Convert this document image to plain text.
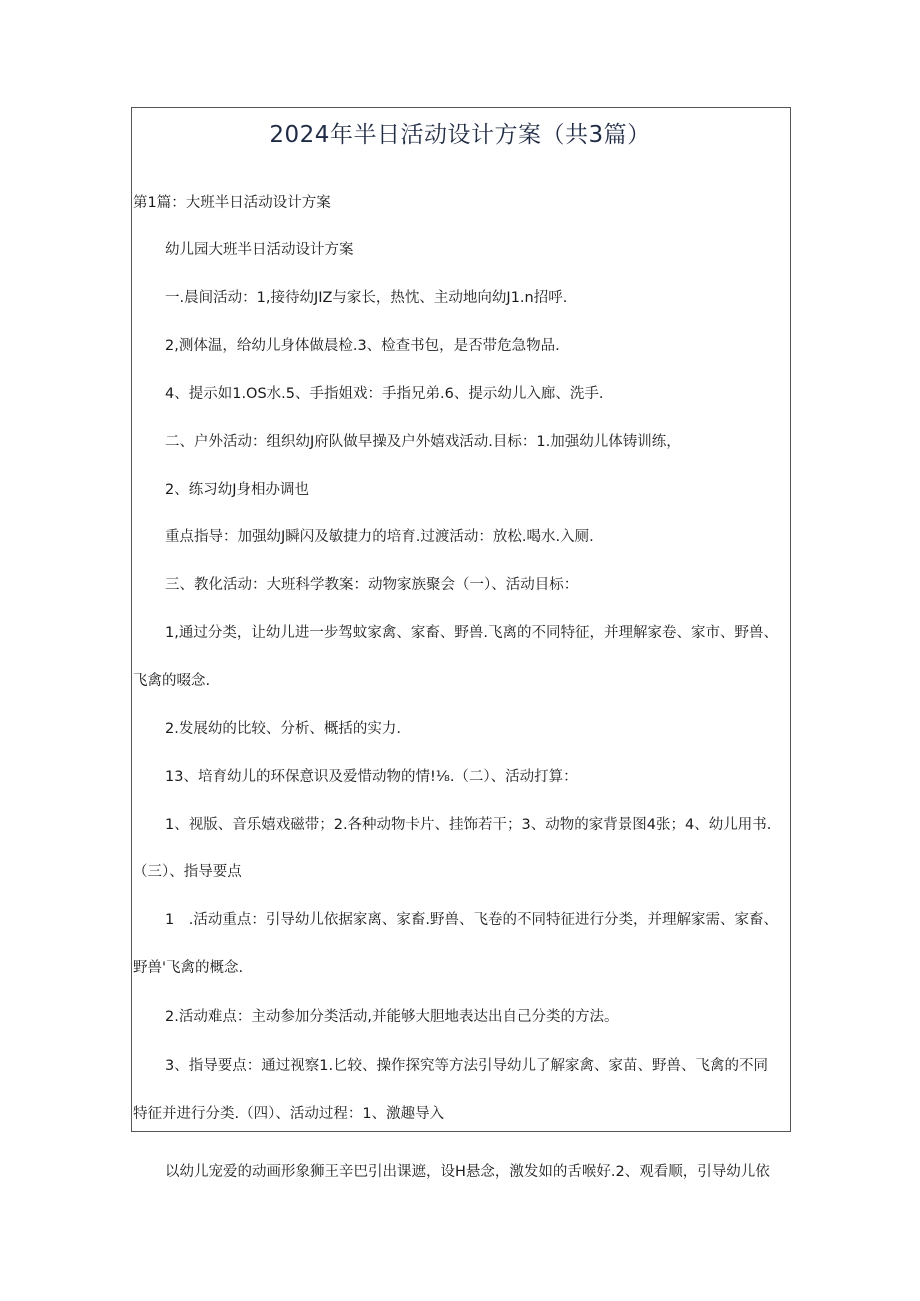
2024年半日活动设计方案（共3篇）
第1篇：大班半日活动设计方案
幼儿园大班半日活动设计方案
一.晨间活动：1,接待幼JIZ与家长，热忱、主动地向幼J1.n招呼.
2,测体温，给幼儿身体做晨检.3、检查书包，是否带危急物品.
4、提示如1.OS水.5、手指姐戏：手指兄弟.6、提示幼儿入廊、洗手.
二、户外活动：组织幼J府队做早操及户外嬉戏活动.目标：1.加强幼儿体铸训练，
2、练习幼J身相办调也
重点指导：加强幼J瞬闪及敏捷力的培育.过渡活动：放松.喝水.入厕.
三、教化活动：大班科学教案：动物家族聚会（一）、活动目标：
1,通过分类，让幼儿进一步驾蚊家禽、家畜、野兽.飞离的不同特征，并理解家卷、家市、野兽、
飞禽的啜念.
2.发展幼的比较、分析、概括的实力.
13、培育幼儿的环保意识及爱惜动物的情!⅛.（二）、活动打算：
1、视版、音乐嬉戏磁带；2.各种动物卡片、挂饰若干；3、动物的家背景图4张；4、幼儿用书.
（三）、指导要点
1　.活动重点：引导幼儿依据家离、家畜.野兽、飞卷的不同特征进行分类，并理解家需、家畜、
野兽'飞禽的概念.
2.活动难点：主动参加分类活动,并能够大胆地表达出自己分类的方法。
3、指导要点：通过视察1.匕较、操作探究等方法引导幼儿了解家禽、家苗、野兽、飞禽的不同
特征并进行分类.（四）、活动过程：1、激趣导入
以幼儿宠爱的动画形象狮王辛巴引出课遮，设H悬念，激发如的舌喉好.2、观看顺，引导幼儿依
